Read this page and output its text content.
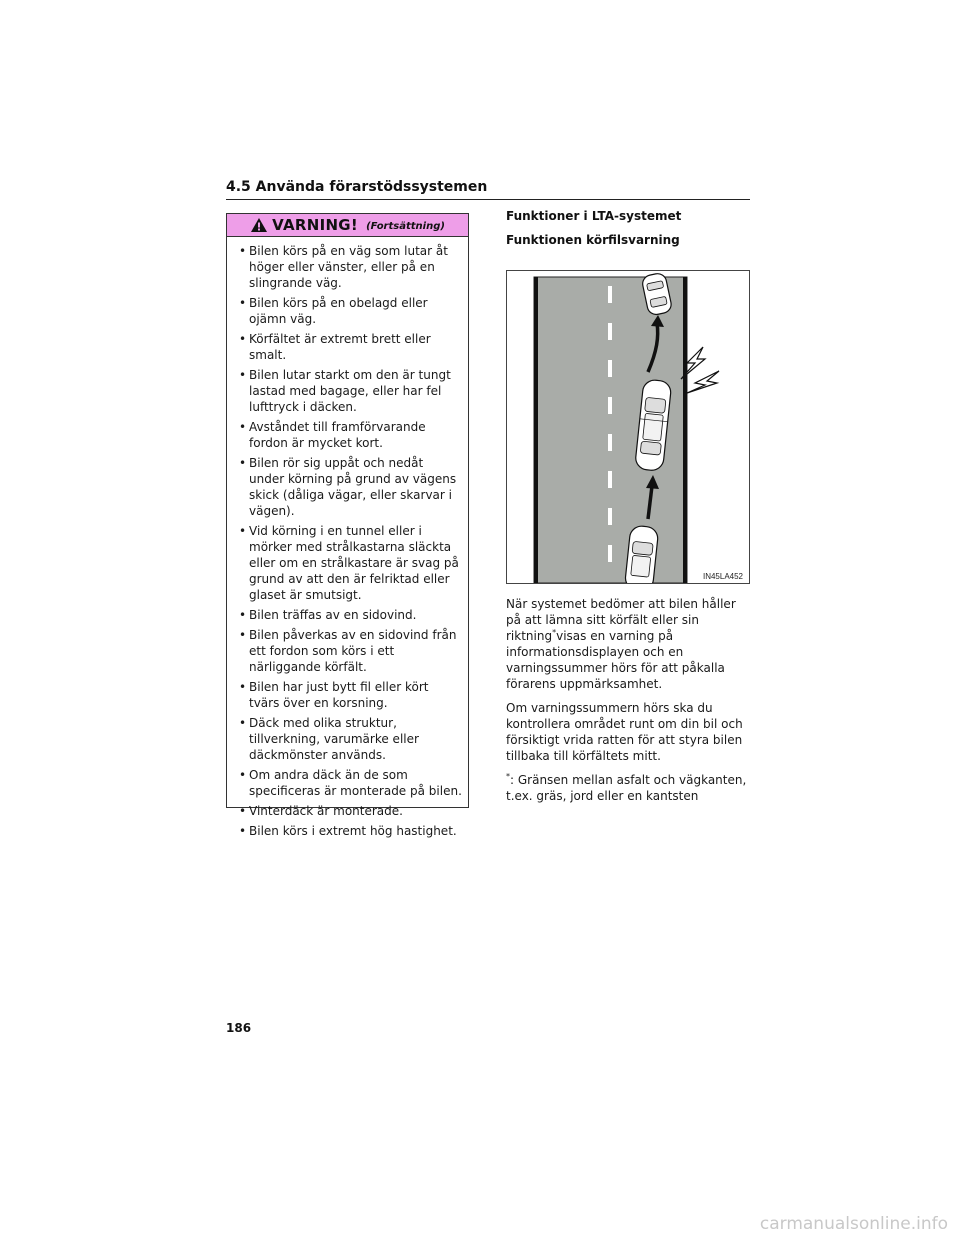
4.5 Använda förarstödssystemen
VARNING! (Fortsättning)
• Bilen körs på en väg som lutar åt höger eller vänster, eller på en slingrande väg.
• Bilen körs på en obelagd eller ojämn väg.
• Körfältet är extremt brett eller smalt.
• Bilen lutar starkt om den är tungt lastad med bagage, eller har fel lufttryck i däcken.
• Avståndet till framförvarande fordon är mycket kort.
• Bilen rör sig uppåt och nedåt under körning på grund av vägens skick (dåliga vägar, eller skarvar i vägen).
• Vid körning i en tunnel eller i mörker med strålkastarna släckta eller om en strålkastare är svag på grund av att den är felriktad eller glaset är smutsigt.
• Bilen träffas av en sidovind.
• Bilen påverkas av en sidovind från ett fordon som körs i ett närliggande körfält.
• Bilen har just bytt fil eller kört tvärs över en korsning.
• Däck med olika struktur, tillverkning, varumärke eller däckmönster används.
• Om andra däck än de som specificeras är monterade på bilen.
• Vinterdäck är monterade.
• Bilen körs i extremt hög hastighet.
Funktioner i LTA-systemet
Funktionen körfilsvarning
IN45LA452

När systemet bedömer att bilen håller på att lämna sitt körfält eller sin riktning*visas en varning på informationsdisplayen och en varningssummer hörs för att påkalla förarens uppmärksamhet.

Om varningssummern hörs ska du kontrollera området runt om din bil och försiktigt vrida ratten för att styra bilen tillbaka till körfältets mitt.

*: Gränsen mellan asfalt och vägkanten, t.ex. gräs, jord eller en kantsten

186
carmanualsonline.info
